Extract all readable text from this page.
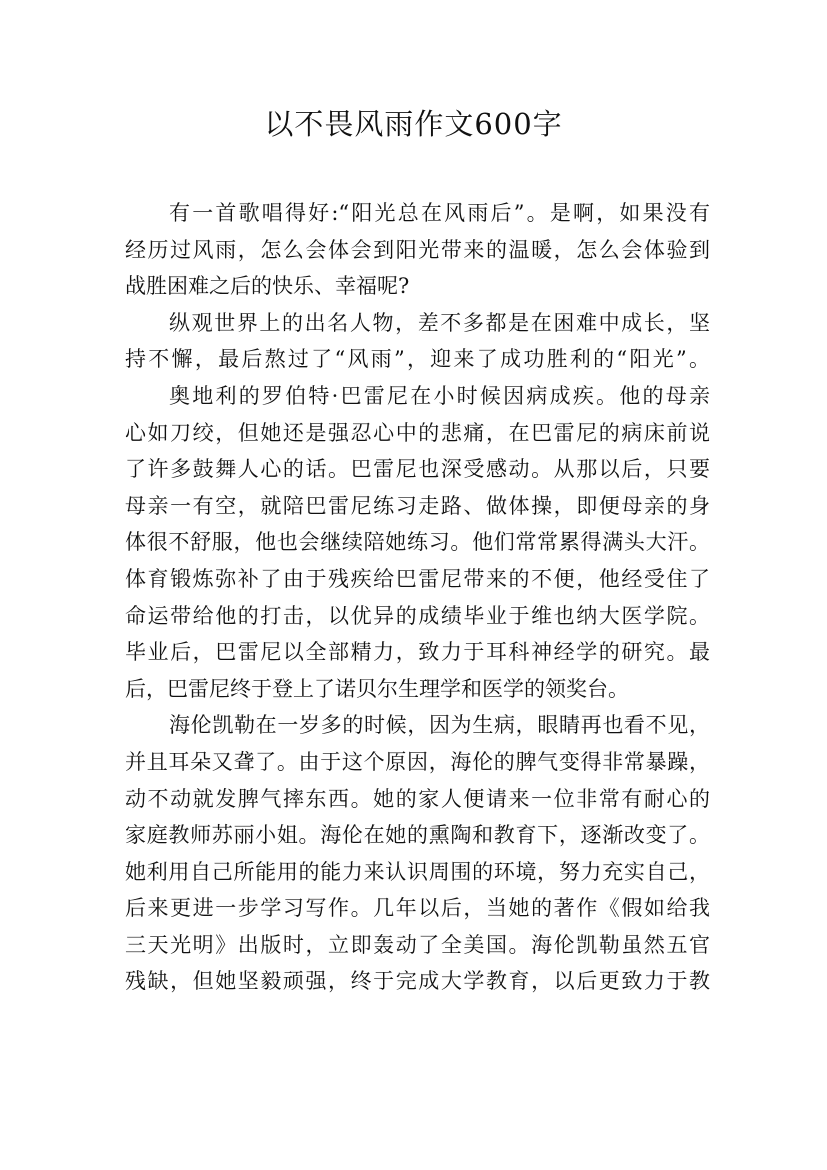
以不畏风雨作文600字
有一首歌唱得好:“阳光总在风雨后”。是啊，如果没有
经历过风雨，怎么会体会到阳光带来的温暖，怎么会体验到
战胜困难之后的快乐、幸福呢?
纵观世界上的出名人物，差不多都是在困难中成长，坚
持不懈，最后熬过了“风雨”，迎来了成功胜利的“阳光”。
奥地利的罗伯特·巴雷尼在小时候因病成疾。他的母亲
心如刀绞，但她还是强忍心中的悲痛，在巴雷尼的病床前说
了许多鼓舞人心的话。巴雷尼也深受感动。从那以后，只要
母亲一有空，就陪巴雷尼练习走路、做体操，即便母亲的身
体很不舒服，他也会继续陪她练习。他们常常累得满头大汗。
体育锻炼弥补了由于残疾给巴雷尼带来的不便，他经受住了
命运带给他的打击，以优异的成绩毕业于维也纳大医学院。
毕业后，巴雷尼以全部精力，致力于耳科神经学的研究。最
后，巴雷尼终于登上了诺贝尔生理学和医学的领奖台。
海伦凯勒在一岁多的时候，因为生病，眼睛再也看不见，
并且耳朵又聋了。由于这个原因，海伦的脾气变得非常暴躁，
动不动就发脾气摔东西。她的家人便请来一位非常有耐心的
家庭教师苏丽小姐。海伦在她的熏陶和教育下，逐渐改变了。
她利用自己所能用的能力来认识周围的环境，努力充实自己，
后来更进一步学习写作。几年以后，当她的著作《假如给我
三天光明》出版时，立即轰动了全美国。海伦凯勒虽然五官
残缺，但她坚毅顽强，终于完成大学教育，以后更致力于教
